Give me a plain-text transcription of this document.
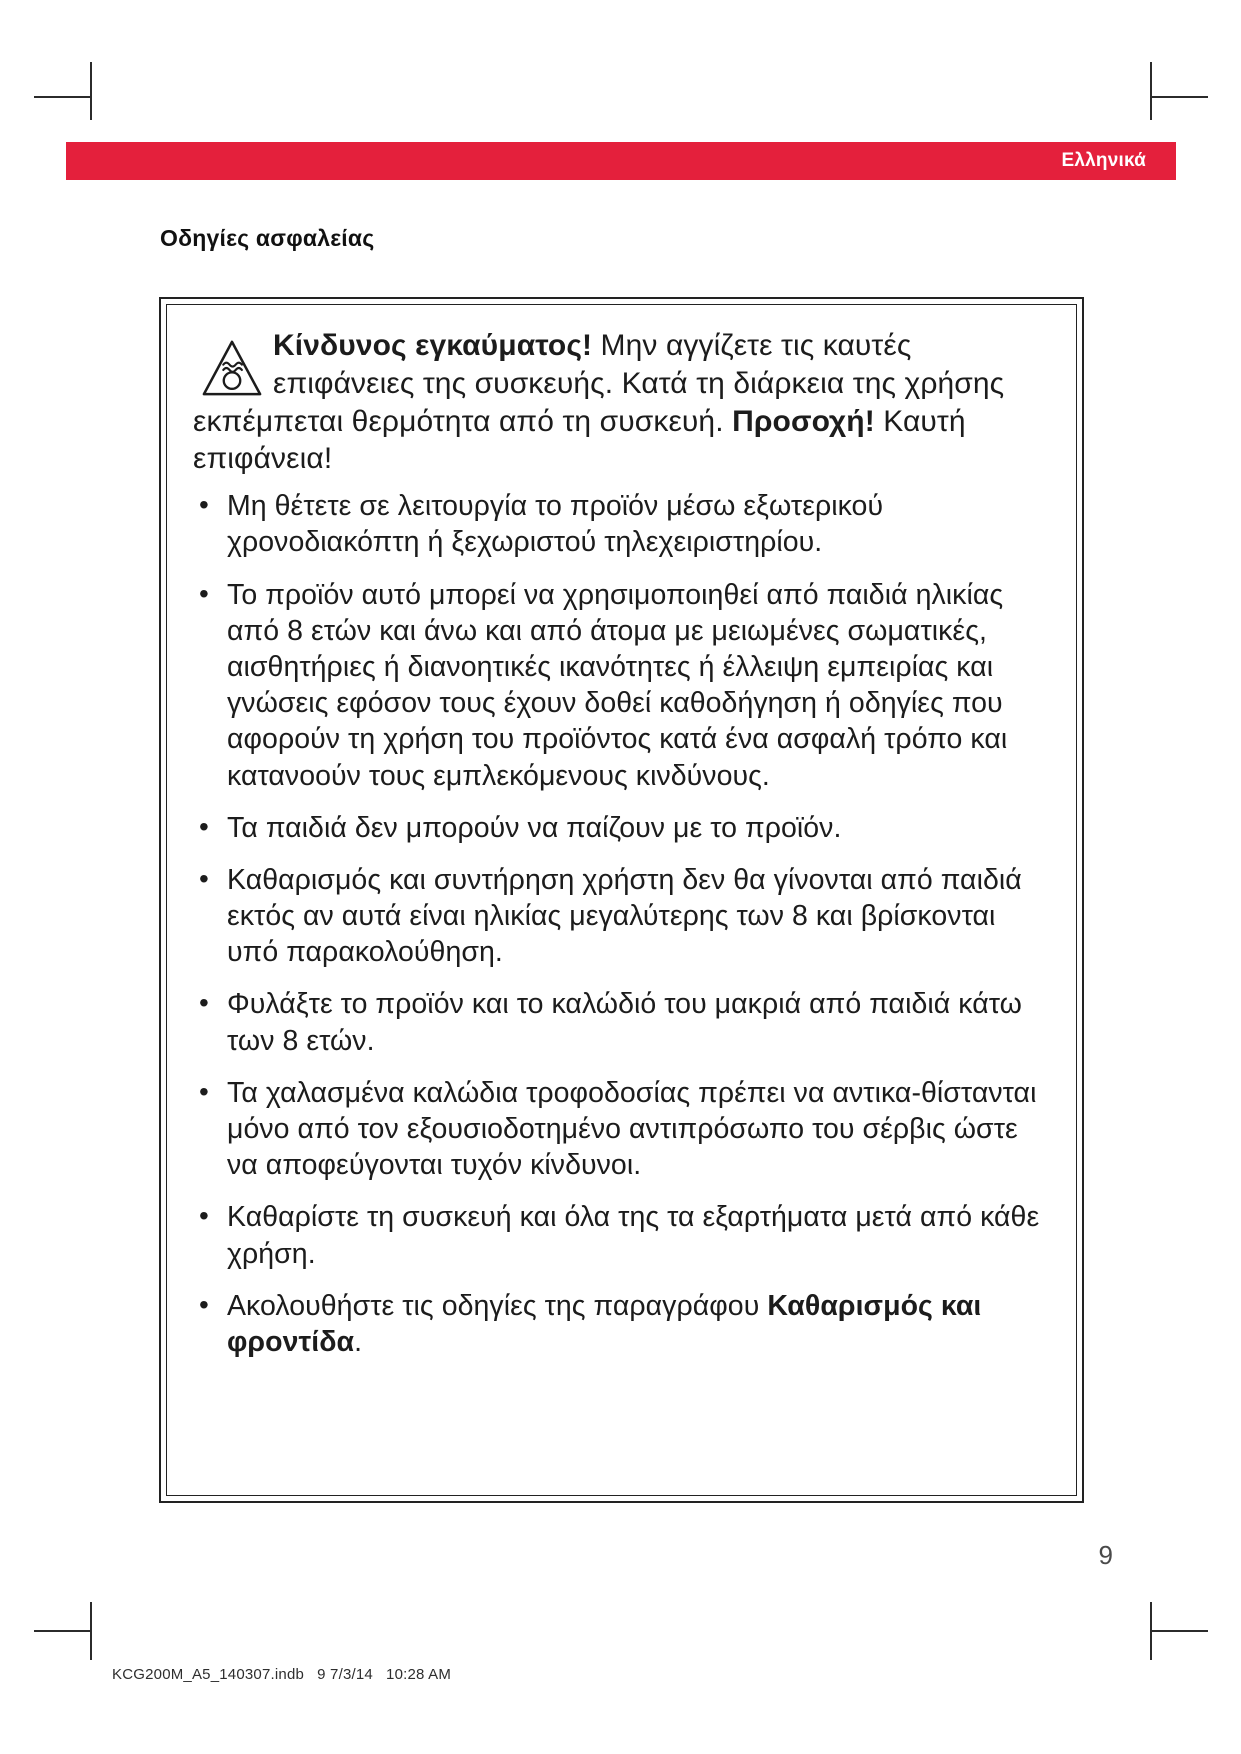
Ελληνικά
Οδηγίες ασφαλείας

Κίνδυνος εγκαύματος! Μην αγγίζετε τις καυτές επιφάνειες της συσκευής. Κατά τη διάρκεια της χρήσης εκπέμπεται θερμότητα από τη συσκευή. Προσοχή! Καυτή επιφάνεια!

• Μη θέτετε σε λειτουργία το προϊόν μέσω εξωτερικού χρονοδιακόπτη ή ξεχωριστού τηλεχειριστηρίου.
• Το προϊόν αυτό μπορεί να χρησιμοποιηθεί από παιδιά ηλικίας από 8 ετών και άνω και από άτομα με μειωμένες σωματικές, αισθητήριες ή διανοητικές ικανότητες ή έλλειψη εμπειρίας και γνώσεις εφόσον τους έχουν δοθεί καθοδήγηση ή οδηγίες που αφορούν τη χρήση του προϊόντος κατά ένα ασφαλή τρόπο και κατανοούν τους εμπλεκόμενους κινδύνους.
• Τα παιδιά δεν μπορούν να παίζουν με το προϊόν.
• Καθαρισμός και συντήρηση χρήστη δεν θα γίνονται από παιδιά εκτός αν αυτά είναι ηλικίας μεγαλύτερης των 8 και βρίσκονται υπό παρακολούθηση.
• Φυλάξτε το προϊόν και το καλώδιό του μακριά από παιδιά κάτω των 8 ετών.
• Τα χαλασμένα καλώδια τροφοδοσίας πρέπει να αντικα-θίστανται μόνο από τον εξουσιοδοτημένο αντιπρόσωπο του σέρβις ώστε να αποφεύγονται τυχόν κίνδυνοι.
• Καθαρίστε τη συσκευή και όλα της τα εξαρτήματα μετά από κάθε χρήση.
• Ακολουθήστε τις οδηγίες της παραγράφου Καθαρισμός και φροντίδα.
9
KCG200M_A5_140307.indb   9 7/3/14   10:28 AM
